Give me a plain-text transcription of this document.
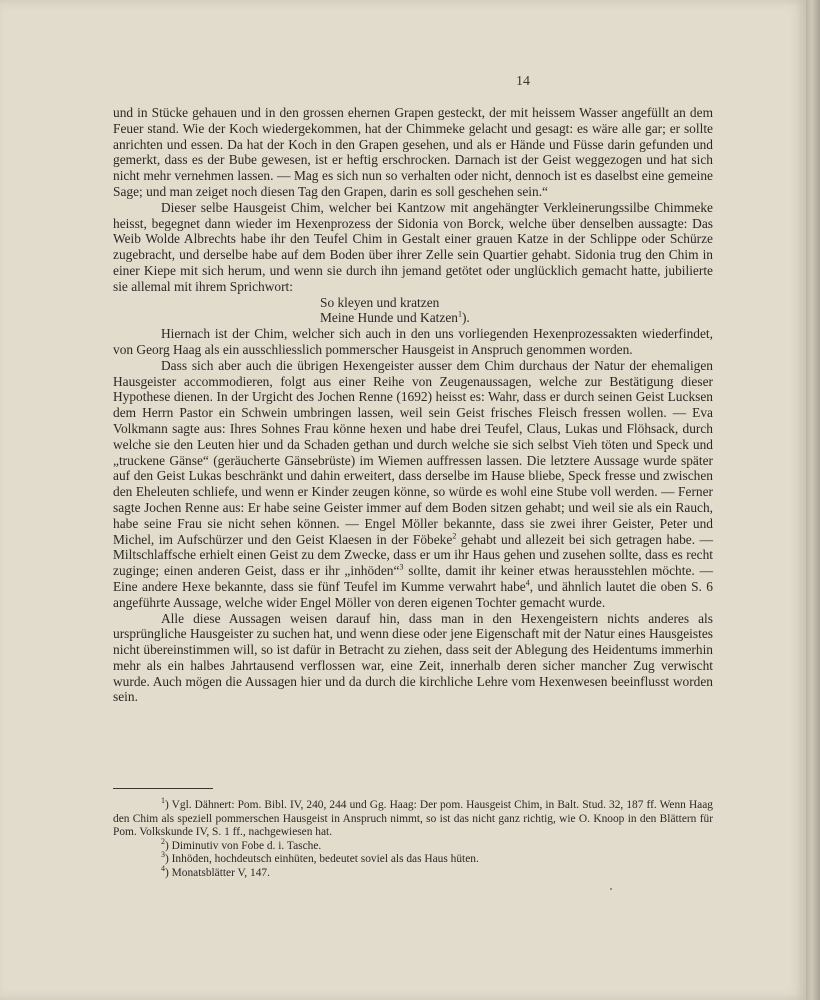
14

und in Stücke gehauen und in den grossen ehernen Grapen gesteckt, der mit heissem Wasser angefüllt an dem Feuer stand. Wie der Koch wiedergekommen, hat der Chimmeke gelacht und gesagt: es wäre alle gar; er sollte anrichten und essen. Da hat der Koch in den Grapen gesehen, und als er Hände und Füsse darin gefunden und gemerkt, dass es der Bube gewesen, ist er heftig erschrocken. Darnach ist der Geist weggezogen und hat sich nicht mehr vernehmen lassen. — Mag es sich nun so verhalten oder nicht, dennoch ist es daselbst eine gemeine Sage; und man zeiget noch diesen Tag den Grapen, darin es soll geschehen sein.“

Dieser selbe Hausgeist Chim, welcher bei Kantzow mit angehängter Verkleinerungssilbe Chimmeke heisst, begegnet dann wieder im Hexenprozess der Sidonia von Borck, welche über denselben aussagte: Das Weib Wolde Albrechts habe ihr den Teufel Chim in Gestalt einer grauen Katze in der Schlippe oder Schürze zugebracht, und derselbe habe auf dem Boden über ihrer Zelle sein Quartier gehabt. Sidonia trug den Chim in einer Kiepe mit sich herum, und wenn sie durch ihn jemand getötet oder unglücklich gemacht hatte, jubilierte sie allemal mit ihrem Sprichwort:

So kleyen und kratzen
Meine Hunde und Katzen$^1$).

Hiernach ist der Chim, welcher sich auch in den uns vorliegenden Hexenprozessakten wiederfindet, von Georg Haag als ein ausschliesslich pommerscher Hausgeist in Anspruch genommen worden.

Dass sich aber auch die übrigen Hexengeister ausser dem Chim durchaus der Natur der ehemaligen Hausgeister accommodieren, folgt aus einer Reihe von Zeugenaussagen, welche zur Bestätigung dieser Hypothese dienen. In der Urgicht des Jochen Renne (1692) heisst es: Wahr, dass er durch seinen Geist Lucksen dem Herrn Pastor ein Schwein umbringen lassen, weil sein Geist frisches Fleisch fressen wollen. — Eva Volkmann sagte aus: Ihres Sohnes Frau könne hexen und habe drei Teufel, Claus, Lukas und Flöhsack, durch welche sie den Leuten hier und da Schaden gethan und durch welche sie sich selbst Vieh töten und Speck und „truckene Gänse“ (geräucherte Gänsebrüste) im Wiemen auffressen lassen. Die letztere Aussage wurde später auf den Geist Lukas beschränkt und dahin erweitert, dass derselbe im Hause bliebe, Speck fresse und zwischen den Eheleuten schliefe, und wenn er Kinder zeugen könne, so würde es wohl eine Stube voll werden. — Ferner sagte Jochen Renne aus: Er habe seine Geister immer auf dem Boden sitzen gehabt; und weil sie als ein Rauch, habe seine Frau sie nicht sehen können. — Engel Möller bekannte, dass sie zwei ihrer Geister, Peter und Michel, im Aufschürzer und den Geist Klaesen in der Föbeke$^2$ gehabt und allezeit bei sich getragen habe. — Miltschlaffsche erhielt einen Geist zu dem Zwecke, dass er um ihr Haus gehen und zusehen sollte, dass es recht zuginge; einen anderen Geist, dass er ihr „inhöden“$^3$ sollte, damit ihr keiner etwas herausstehlen möchte. — Eine andere Hexe bekannte, dass sie fünf Teufel im Kumme verwahrt habe$^4$, und ähnlich lautet die oben S. 6 angeführte Aussage, welche wider Engel Möller von deren eigenen Tochter gemacht wurde.

Alle diese Aussagen weisen darauf hin, dass man in den Hexengeistern nichts anderes als ursprüngliche Hausgeister zu suchen hat, und wenn diese oder jene Eigenschaft mit der Natur eines Hausgeistes nicht übereinstimmen will, so ist dafür in Betracht zu ziehen, dass seit der Ablegung des Heidentums immerhin mehr als ein halbes Jahrtausend verflossen war, eine Zeit, innerhalb deren sicher mancher Zug verwischt wurde. Auch mögen die Aussagen hier und da durch die kirchliche Lehre vom Hexenwesen beeinflusst worden sein.

$^1$) Vgl. Dähnert: Pom. Bibl. IV, 240, 244 und Gg. Haag: Der pom. Hausgeist Chim, in Balt. Stud. 32, 187 ff. Wenn Haag den Chim als speziell pommerschen Hausgeist in Anspruch nimmt, so ist das nicht ganz richtig, wie O. Knoop in den Blättern für Pom. Volkskunde IV, S. 1 ff., nachgewiesen hat.

$^2$) Diminutiv von Fobe d. i. Tasche.

$^3$) Inhöden, hochdeutsch einhüten, bedeutet soviel als das Haus hüten.

$^4$) Monatsblätter V, 147.
